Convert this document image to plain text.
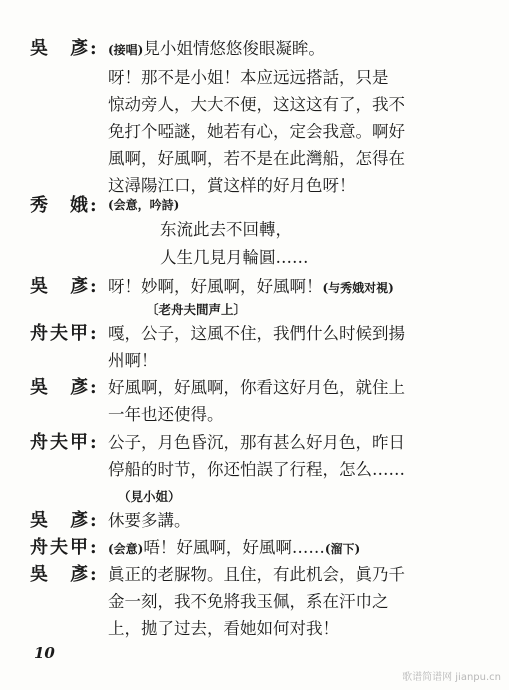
吳　彥: (接唱)見小姐情悠悠俊眼凝眸。
呀！那不是小姐！本应远远搭話，只是
惊动旁人，大大不便，这这这有了，我不
免打个啞謎，她若有心，定会我意。啊好
風啊，好風啊，若不是在此灣船，怎得在
这潯陽江口，賞这样的好月色呀！
秀　娥: (会意，吟詩)
东流此去不回轉，
人生几見月輪圓……
吳　彥: 呀！妙啊，好風啊，好風啊！(与秀娥对視)
〔老舟夫間声上〕
舟夫甲: 嘎，公子，这風不住，我們什么时候到揚
州啊！
吳　彥: 好風啊，好風啊，你看这好月色，就住上
一年也还使得。
舟夫甲: 公子，月色昏沉，那有甚么好月色，昨日
停船的时节，你还怕誤了行程，怎么……
（見小姐）
吳　彥: 休要多講。
舟夫甲: (会意)唔！好風啊，好風啊……(溜下)
吳　彥: 眞正的老脲物。且住，有此机会，眞乃千
金一刻，我不免將我玉佩，系在汗巾之
上，拋了过去，看她如何对我！
10
歌谱简谱网 jianpu.cn
